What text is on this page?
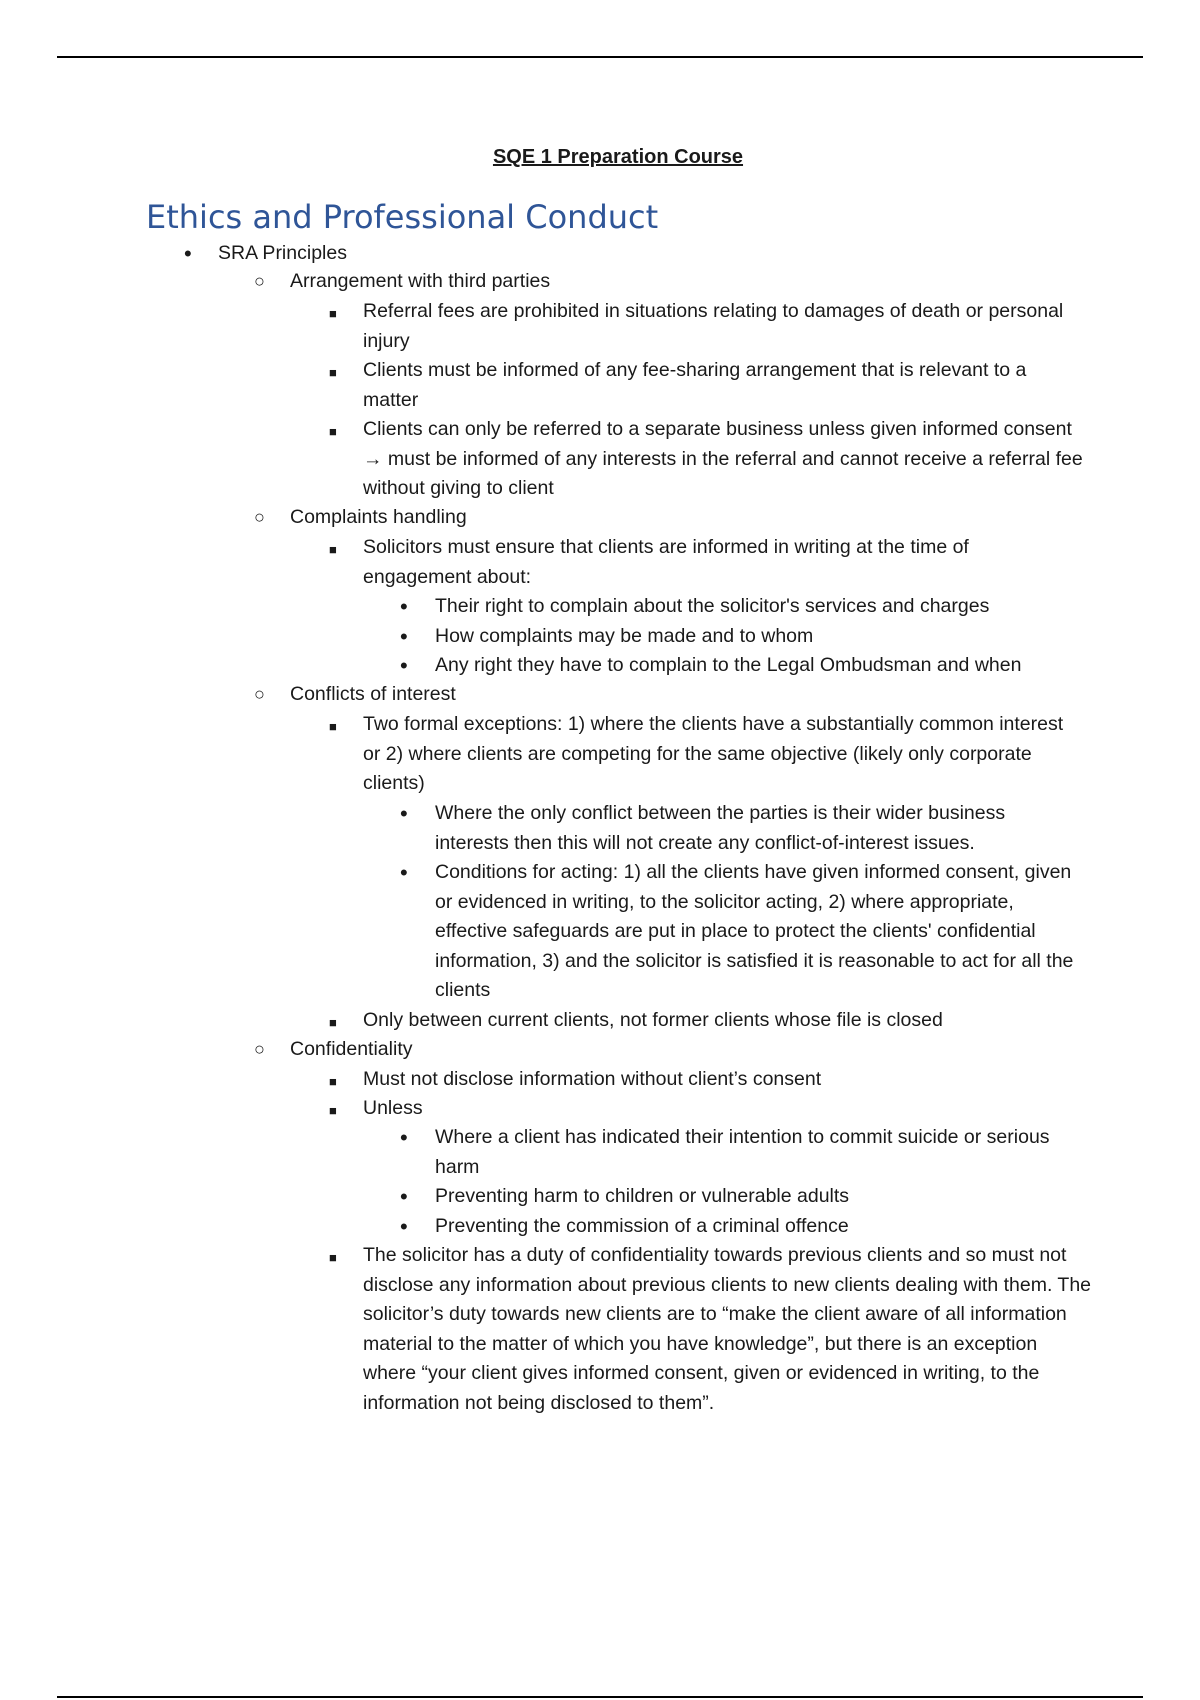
SQE 1 Preparation Course
Ethics and Professional Conduct
• SRA Principles
○ Arrangement with third parties
■ Referral fees are prohibited in situations relating to damages of death or personal injury
■ Clients must be informed of any fee-sharing arrangement that is relevant to a matter
■ Clients can only be referred to a separate business unless given informed consent → must be informed of any interests in the referral and cannot receive a referral fee without giving to client
○ Complaints handling
■ Solicitors must ensure that clients are informed in writing at the time of engagement about:
• Their right to complain about the solicitor's services and charges
• How complaints may be made and to whom
• Any right they have to complain to the Legal Ombudsman and when
○ Conflicts of interest
■ Two formal exceptions: 1) where the clients have a substantially common interest or 2) where clients are competing for the same objective (likely only corporate clients)
• Where the only conflict between the parties is their wider business interests then this will not create any conflict-of-interest issues.
• Conditions for acting: 1) all the clients have given informed consent, given or evidenced in writing, to the solicitor acting, 2) where appropriate, effective safeguards are put in place to protect the clients' confidential information, 3) and the solicitor is satisfied it is reasonable to act for all the clients
■ Only between current clients, not former clients whose file is closed
○ Confidentiality
■ Must not disclose information without client’s consent
■ Unless
• Where a client has indicated their intention to commit suicide or serious harm
• Preventing harm to children or vulnerable adults
• Preventing the commission of a criminal offence
■ The solicitor has a duty of confidentiality towards previous clients and so must not disclose any information about previous clients to new clients dealing with them. The solicitor’s duty towards new clients are to “make the client aware of all information material to the matter of which you have knowledge”, but there is an exception where “your client gives informed consent, given or evidenced in writing, to the information not being disclosed to them”.
